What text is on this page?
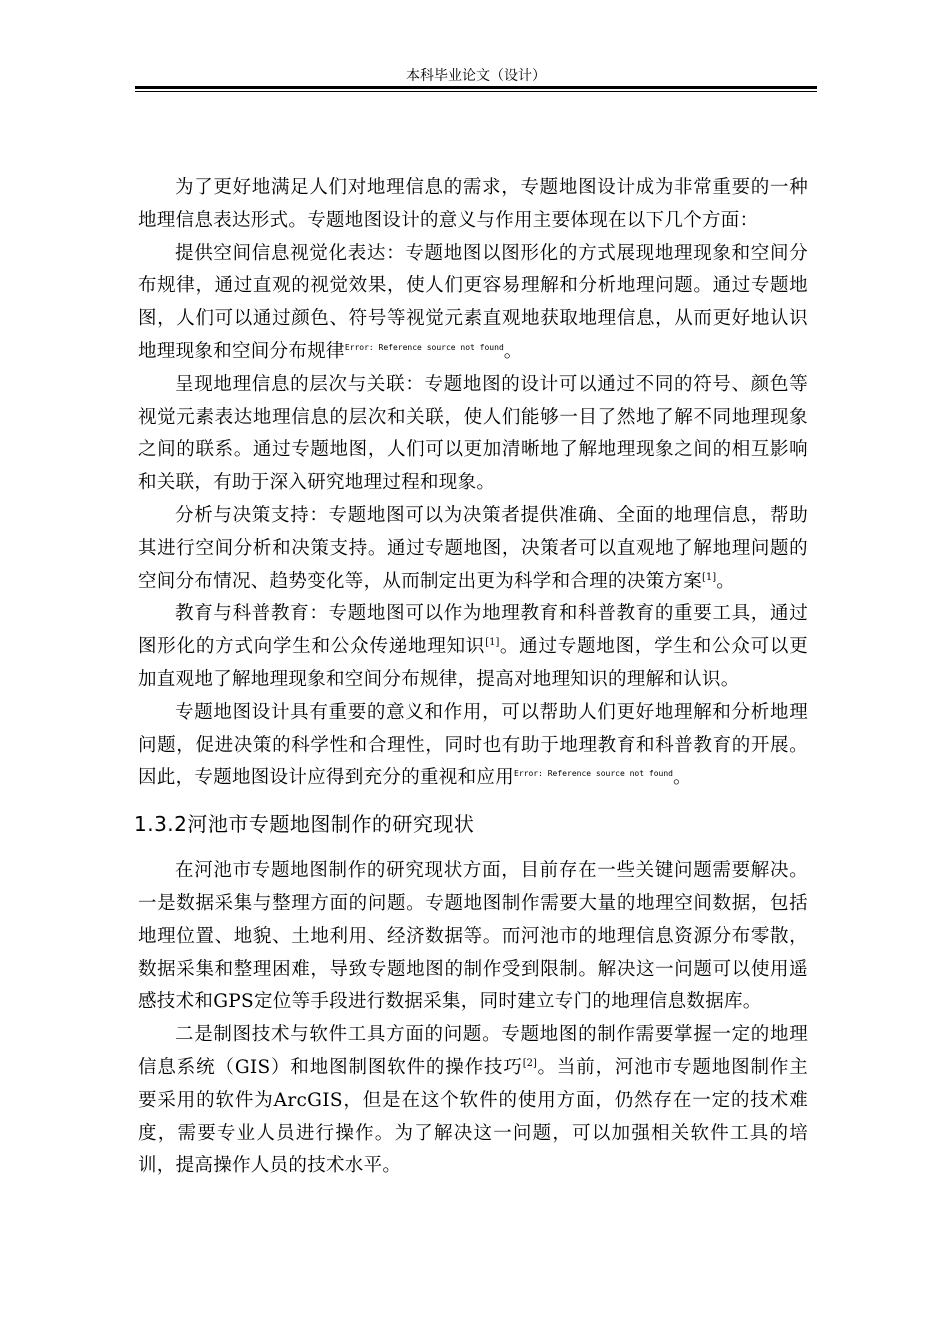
本科毕业论文（设计）

为了更好地满足人们对地理信息的需求，专题地图设计成为非常重要的一种地理信息表达形式。专题地图设计的意义与作用主要体现在以下几个方面：

提供空间信息视觉化表达：专题地图以图形化的方式展现地理现象和空间分布规律，通过直观的视觉效果，使人们更容易理解和分析地理问题。通过专题地图，人们可以通过颜色、符号等视觉元素直观地获取地理信息，从而更好地认识地理现象和空间分布规律$^{Error: Reference source not found}$。

呈现地理信息的层次与关联：专题地图的设计可以通过不同的符号、颜色等视觉元素表达地理信息的层次和关联，使人们能够一目了然地了解不同地理现象之间的联系。通过专题地图，人们可以更加清晰地了解地理现象之间的相互影响和关联，有助于深入研究地理过程和现象。

分析与决策支持：专题地图可以为决策者提供准确、全面的地理信息，帮助其进行空间分析和决策支持。通过专题地图，决策者可以直观地了解地理问题的空间分布情况、趋势变化等，从而制定出更为科学和合理的决策方案[1]。

教育与科普教育：专题地图可以作为地理教育和科普教育的重要工具，通过图形化的方式向学生和公众传递地理知识[1]。通过专题地图，学生和公众可以更加直观地了解地理现象和空间分布规律，提高对地理知识的理解和认识。

专题地图设计具有重要的意义和作用，可以帮助人们更好地理解和分析地理问题，促进决策的科学性和合理性，同时也有助于地理教育和科普教育的开展。因此，专题地图设计应得到充分的重视和应用$^{Error: Reference source not found}$。

1.3.2河池市专题地图制作的研究现状

在河池市专题地图制作的研究现状方面，目前存在一些关键问题需要解决。一是数据采集与整理方面的问题。专题地图制作需要大量的地理空间数据，包括地理位置、地貌、土地利用、经济数据等。而河池市的地理信息资源分布零散，数据采集和整理困难，导致专题地图的制作受到限制。解决这一问题可以使用遥感技术和GPS定位等手段进行数据采集，同时建立专门的地理信息数据库。

二是制图技术与软件工具方面的问题。专题地图的制作需要掌握一定的地理信息系统（GIS）和地图制图软件的操作技巧[2]。当前，河池市专题地图制作主要采用的软件为ArcGIS，但是在这个软件的使用方面，仍然存在一定的技术难度，需要专业人员进行操作。为了解决这一问题，可以加强相关软件工具的培训，提高操作人员的技术水平。
